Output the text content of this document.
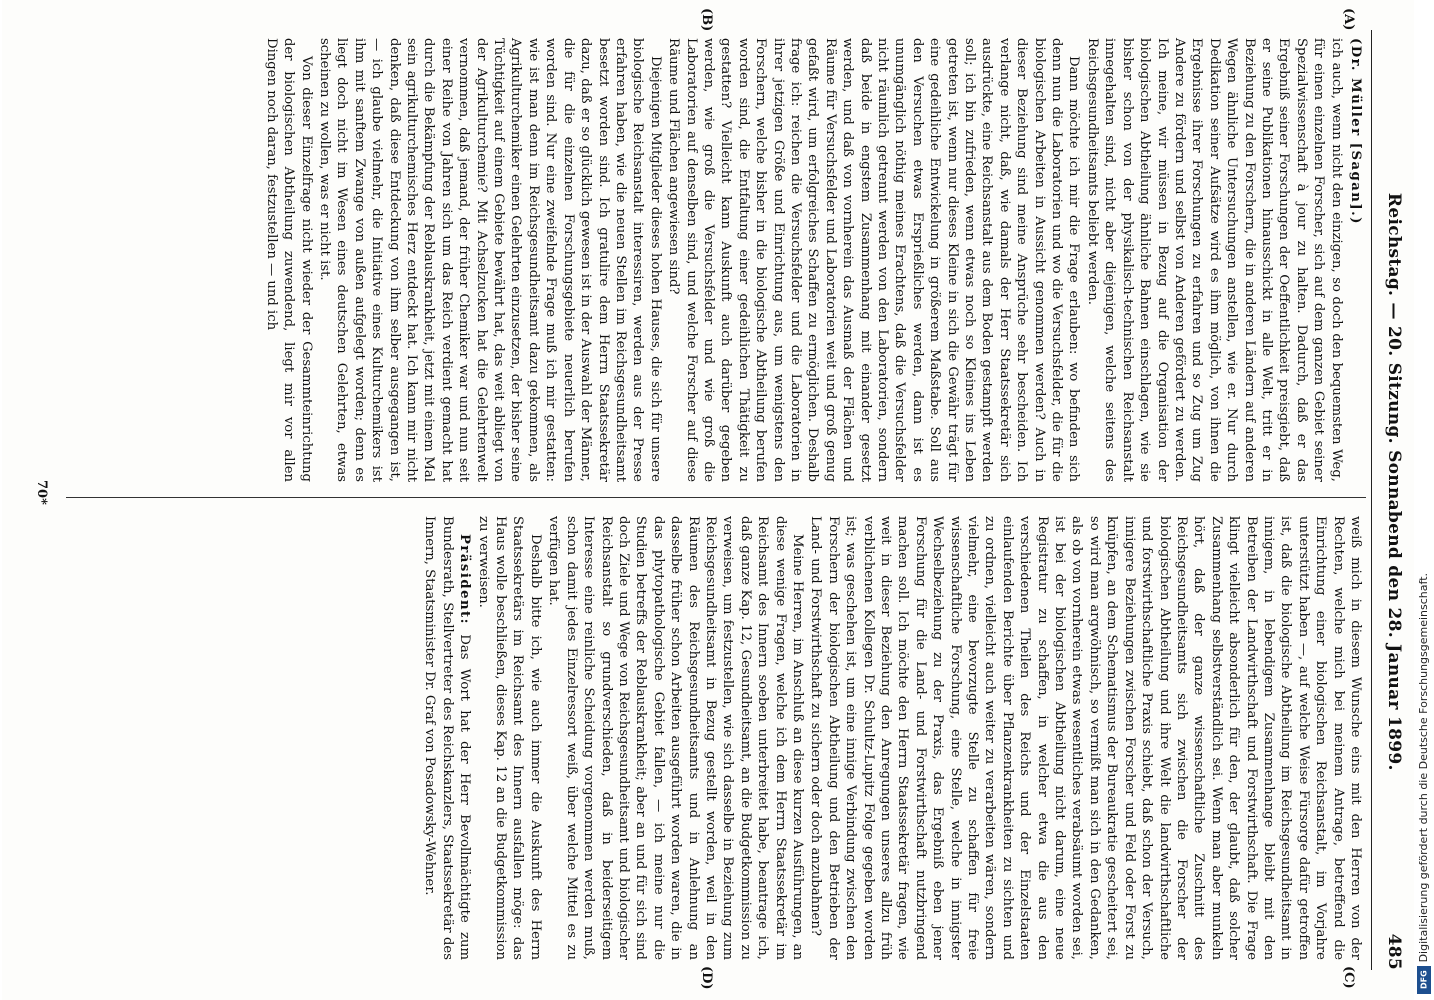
Reichstag. — 20. Sitzung. Sonnabend den 28. Januar 1899.
485
(A)
(B)
(C)
(D)
(Dr. Müller [Sagan].)

ich auch, wenn nicht den einzigen, so doch den bequemsten Weg, für einen einzelnen Forscher, sich auf dem ganzen Gebiet seiner Spezialwissenschaft à jour zu halten. Dadurch, daß er das Ergebniß seiner Forschungen der Oeffentlichkeit preisgiebt, daß er seine Publikationen hinausschickt in alle Welt, tritt er in Beziehung zu den Forschern, die in anderen Ländern auf anderen Wegen ähnliche Untersuchungen anstellen, wie er. Nur durch Dedikation seiner Aufsätze wird es ihm möglich, von ihnen die Ergebnisse ihrer Forschungen zu erfahren und so Zug um Zug Andere zu fördern und selbst von Anderen gefördert zu werden. Ich meine, wir müssen in Bezug auf die Organisation der biologischen Abtheilung ähnliche Bahnen einschlagen, wie sie bisher schon von der physikalisch-technischen Reichsanstalt innegehalten sind, nicht aber diejenigen, welche seitens des Reichsgesundheitsamts beliebt werden.

Dann möchte ich mir die Frage erlauben: wo befinden sich denn nun die Laboratorien und wo die Versuchsfelder, die für die biologischen Arbeiten in Aussicht genommen werden? Auch in dieser Beziehung sind meine Ansprüche sehr bescheiden. Ich verlange nicht, daß, wie damals der Herr Staatssekretär sich ausdrückte, eine Reichsanstalt aus dem Boden gestampft werden soll; ich bin zufrieden, wenn etwas noch so Kleines ins Leben getreten ist, wenn nur dieses Kleine in sich die Gewähr trägt für eine gedeihliche Entwickelung in größerem Maßstabe. Soll aus den Versuchen etwas Ersprießliches werden, dann ist es unumgänglich nöthig meines Erachtens, daß die Versuchsfelder nicht räumlich getrennt werden von den Laboratorien, sondern daß beide in engstem Zusammenhang mit einander gesetzt werden, und daß von vornherein das Ausmaß der Flächen und Räume für Versuchsfelder und Laboratorien weit und groß genug gefaßt wird, um erfolgreiches Schaffen zu ermöglichen. Deshalb frage ich: reichen die Versuchsfelder und die Laboratorien in ihrer jetzigen Größe und Einrichtung aus, um wenigstens den Forschern, welche bisher in die biologische Abtheilung berufen worden sind, die Entfaltung einer gedeihlichen Thätigkeit zu gestatten? Vielleicht kann Auskunft auch darüber gegeben werden, wie groß die Versuchsfelder und wie groß die Laboratorien auf denselben sind, und welche Forscher auf diese Räume und Flächen angewiesen sind?

Diejenigen Mitglieder dieses hohen Hauses, die sich für unsere biologische Reichsanstalt interessiren, werden aus der Presse erfahren haben, wie die neuen Stellen im Reichsgesundheitsamt besetzt worden sind. Ich gratulire dem Herrn Staatssekretär dazu, daß er so glücklich gewesen ist in der Auswahl der Männer, die für die einzelnen Forschungsgebiete neuerlich berufen worden sind. Nur eine zweifelnde Frage muß ich mir gestatten: wie ist man denn im Reichsgesundheitsamt dazu gekommen, als Agrikulturchemiker einen Gelehrten einzusetzen, der bisher seine Tüchtigkeit auf einem Gebiete bewährt hat, das weit abliegt von der Agrikulturchemie? Mit Achselzucken hat die Gelehrtenwelt vernommen, daß jemand, der früher Chemiker war und nun seit einer Reihe von Jahren sich um das Reich verdient gemacht hat durch die Bekämpfung der Reblauskrankheit, jetzt mit einem Mal sein agrikulturchemisches Herz entdeckt hat. Ich kann mir nicht denken, daß diese Entdeckung von ihm selber ausgegangen ist, — ich glaube vielmehr, die Initiative eines Kulturchemikers ist ihm mit sanftem Zwange von außen aufgelegt worden; denn es liegt doch nicht im Wesen eines deutschen Gelehrten, etwas scheinen zu wollen, was er nicht ist.

Von dieser Einzelfrage nicht wieder der Gesammteinrichtung der biologischen Abtheilung zuwendend, liegt mir vor allen Dingen noch daran, festzustellen — und ich

weiß mich in diesem Wunsche eins mit den Herren von der Rechten, welche mich bei meinem Antrage, betreffend die Einrichtung einer biologischen Reichsanstalt, im Vorjahre unterstützt haben —, auf welche Weise Fürsorge dafür getroffen ist, daß die biologische Abtheilung im Reichsgesundheitsamt in innigem, in lebendigem Zusammenhange bleibt mit den Betreiben der Landwirthschaft und Forstwirthschaft. Die Frage klingt vielleicht absonderlich für den, der glaubt, daß solcher Zusammenhang selbstverständlich sei. Wenn man aber munkeln hört, daß der ganze wissenschaftliche Zuschnitt des Reichsgesundheitsamts sich zwischen die Forscher der biologischen Abtheilung und ihre Welt die landwirthschaftliche und forstwirthschaftliche Praxis schiebt, daß schon der Versuch, innigere Beziehungen zwischen Forscher und Feld oder Forst zu knüpfen, an dem Schematismus der Bureaukratie gescheitert sei, so wird man argwöhnisch, so vermißt man sich in den Gedanken, als ob von vornherein etwas wesentliches verabsäumt worden sei, ist bei der biologischen Abtheilung nicht darum, eine neue Registratur zu schaffen, in welcher etwa die aus den verschiedenen Theilen des Reichs und der Einzelstaaten einlaufenden Berichte über Pflanzenkrankheiten zu sichten und zu ordnen, vielleicht auch weiter zu verarbeiten wären, sondern vielmehr, eine bevorzugte Stelle zu schaffen für freie wissenschaftliche Forschung, eine Stelle, welche in innigster Wechselbeziehung zu der Praxis, das Ergebniß eben jener Forschung für die Land- und Forstwirthschaft nutzbringend machen soll. Ich möchte den Herrn Staatssekretär fragen, wie weit in dieser Beziehung den Anregungen unseres allzu früh verblichenen Kollegen Dr. Schultz-Lupitz Folge gegeben worden ist; was geschehen ist, um eine innige Verbindung zwischen den Forschern der biologischen Abtheilung und den Betrieben der Land- und Forstwirthschaft zu sichern oder doch anzubahnen?

Meine Herren, im Anschluß an diese kurzen Ausführungen, an diese wenige Fragen, welche ich dem Herrn Staatssekretär im Reichsamt des Innern soeben unterbreitet habe, beantrage ich, daß ganze Kap. 12, Gesundheitsamt, an die Budgetkommission zu verweisen, um festzustellen, wie sich dasselbe in Beziehung zum Reichsgesundheitsamt in Bezug gestellt worden, weil in den Räumen des Reichsgesundheitsamts und in Anlehnung an dasselbe früher schon Arbeiten ausgeführt worden waren, die in das phytopathologische Gebiet fallen, — ich meine nur die Studien betreffs der Reblauskrankheit; aber an und für sich sind doch Ziele und Wege von Reichsgesundheitsamt und biologischer Reichsanstalt so grundverschieden, daß in beiderseitigem Interesse eine reinliche Scheidung vorgenommen werden muß, schon damit jedes Einzelressort weiß, über welche Mittel es zu verfügen hat.

Deshalb bitte ich, wie auch immer die Auskunft des Herrn Staatssekretärs im Reichsamt des Innern ausfallen möge: das Haus wolle beschließen, dieses Kap. 12 an die Budgetkommission zu verweisen.

Präsident: Das Wort hat der Herr Bevollmächtigte zum Bundesrath, Stellvertreter des Reichskanzlers, Staatssekretär des Innern, Staatsminister Dr. Graf von Posadowsky-Wehner.

70*
Digitalisierung gefördert durch die Deutsche Forschungsgemeinschaft.
DFG
